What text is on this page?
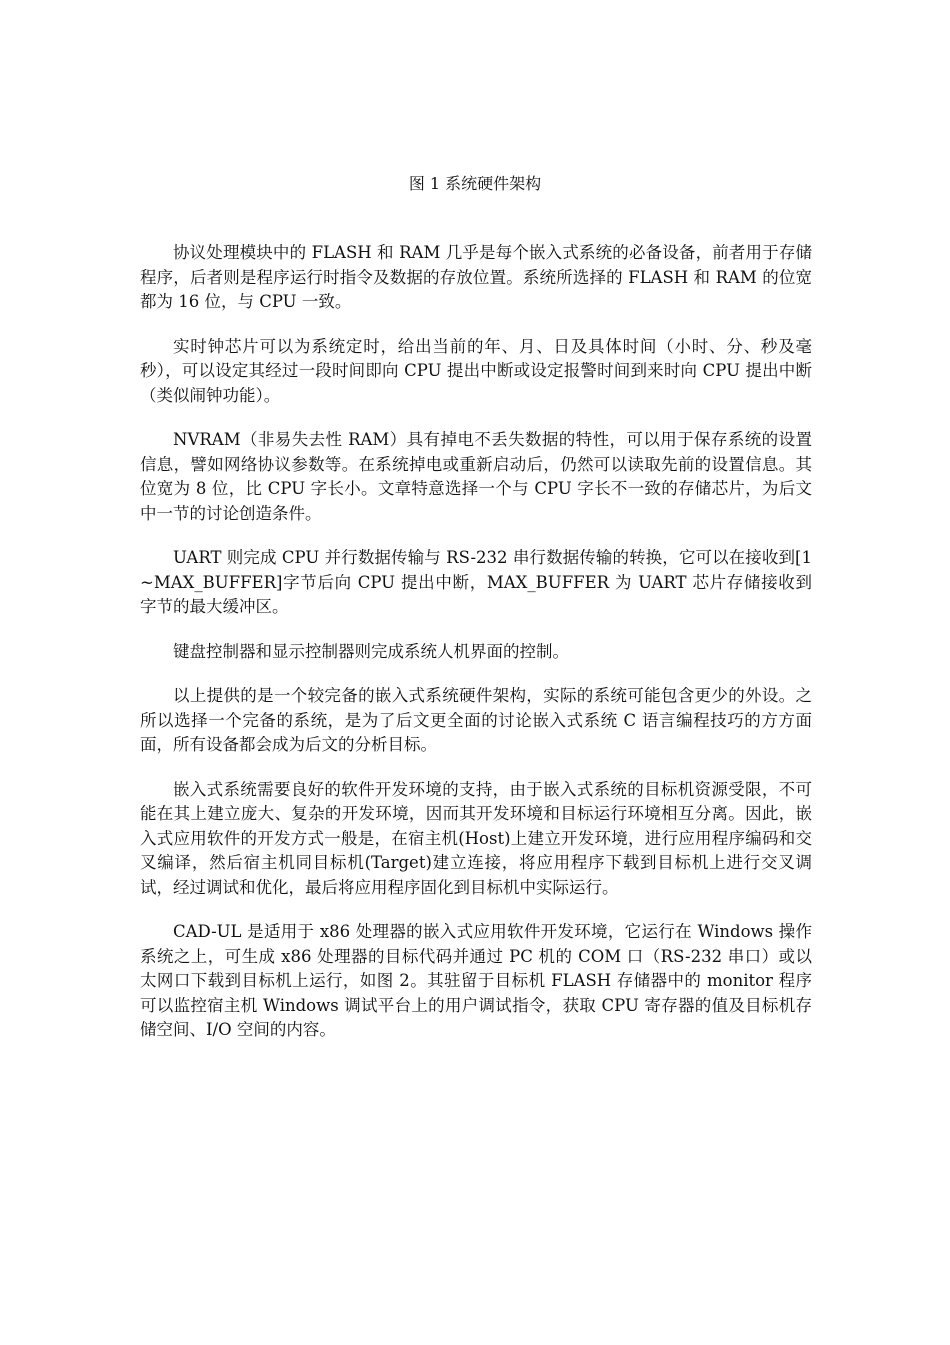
图 1 系统硬件架构

协议处理模块中的 FLASH 和 RAM 几乎是每个嵌入式系统的必备设备，前者用于存储程序，后者则是程序运行时指令及数据的存放位置。系统所选择的 FLASH 和 RAM 的位宽都为 16 位，与 CPU 一致。

实时钟芯片可以为系统定时，给出当前的年、月、日及具体时间（小时、分、秒及毫秒），可以设定其经过一段时间即向 CPU 提出中断或设定报警时间到来时向 CPU 提出中断（类似闹钟功能）。

NVRAM（非易失去性 RAM）具有掉电不丢失数据的特性，可以用于保存系统的设置信息，譬如网络协议参数等。在系统掉电或重新启动后，仍然可以读取先前的设置信息。其位宽为 8 位，比 CPU 字长小。文章特意选择一个与 CPU 字长不一致的存储芯片，为后文中一节的讨论创造条件。

UART 则完成 CPU 并行数据传输与 RS-232 串行数据传输的转换，它可以在接收到[1~MAX_BUFFER]字节后向 CPU 提出中断，MAX_BUFFER 为 UART 芯片存储接收到字节的最大缓冲区。

键盘控制器和显示控制器则完成系统人机界面的控制。

以上提供的是一个较完备的嵌入式系统硬件架构，实际的系统可能包含更少的外设。之所以选择一个完备的系统，是为了后文更全面的讨论嵌入式系统 C 语言编程技巧的方方面面，所有设备都会成为后文的分析目标。

嵌入式系统需要良好的软件开发环境的支持，由于嵌入式系统的目标机资源受限，不可能在其上建立庞大、复杂的开发环境，因而其开发环境和目标运行环境相互分离。因此，嵌入式应用软件的开发方式一般是，在宿主机(Host)上建立开发环境，进行应用程序编码和交叉编译，然后宿主机同目标机(Target)建立连接，将应用程序下载到目标机上进行交叉调试，经过调试和优化，最后将应用程序固化到目标机中实际运行。

CAD-UL 是适用于 x86 处理器的嵌入式应用软件开发环境，它运行在 Windows 操作系统之上，可生成 x86 处理器的目标代码并通过 PC 机的 COM 口（RS-232 串口）或以太网口下载到目标机上运行，如图 2。其驻留于目标机 FLASH 存储器中的 monitor 程序可以监控宿主机 Windows 调试平台上的用户调试指令，获取 CPU 寄存器的值及目标机存储空间、I/O 空间的内容。
